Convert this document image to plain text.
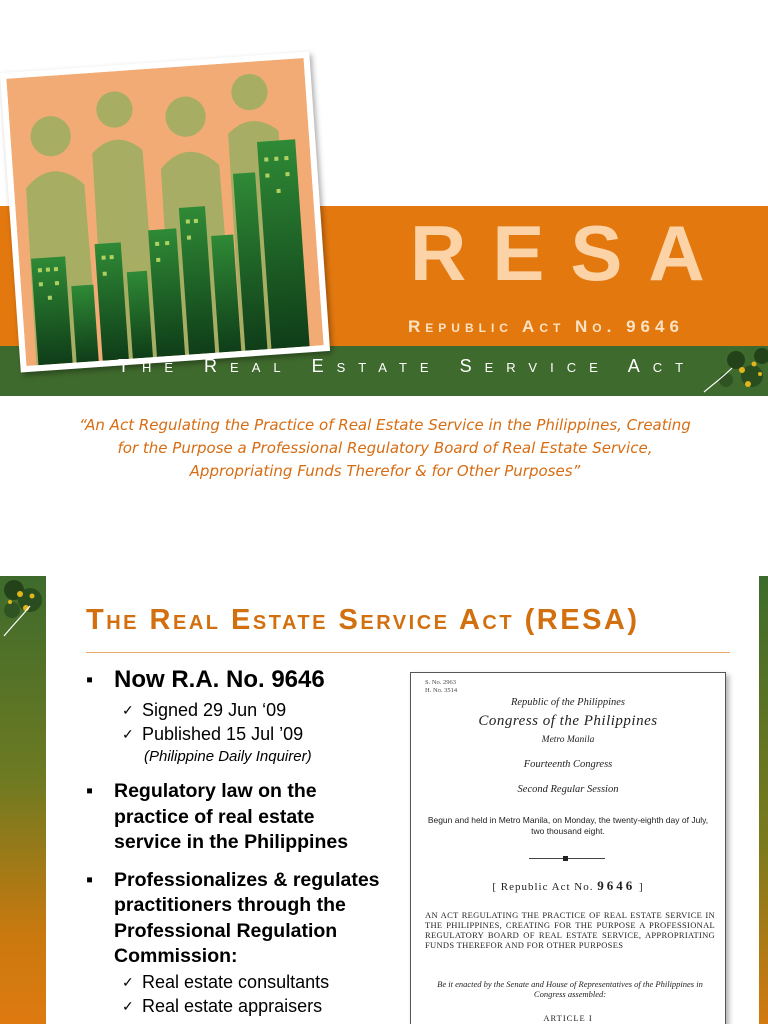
RESA
Republic Act No. 9646
The Real Estate Service Act
“An Act Regulating the Practice of Real Estate Service in the Philippines, Creating
for the Purpose a Professional Regulatory Board of Real Estate Service,
Appropriating Funds Therefor & for Other Purposes”
The Real Estate Service Act (RESA)
▪ Now R.A. No. 9646
✓ Signed 29 Jun ‘09
✓ Published 15 Jul ’09
(Philippine Daily Inquirer)
▪ Regulatory law on the practice of real estate service in the Philippines
▪ Professionalizes & regulates practitioners through the Professional Regulation Commission:
✓ Real estate consultants
✓ Real estate appraisers
S. No. 2963
H. No. 3514
Republic of the Philippines
Congress of the Philippines
Metro Manila
Fourteenth Congress
Second Regular Session
Begun and held in Metro Manila, on Monday, the twenty-eighth day of July, two thousand eight.
[ Republic Act No. 9646 ]
AN ACT REGULATING THE PRACTICE OF REAL ESTATE SERVICE IN THE PHILIPPINES, CREATING FOR THE PURPOSE A PROFESSIONAL REGULATORY BOARD OF REAL ESTATE SERVICE, APPROPRIATING FUNDS THEREFOR AND FOR OTHER PURPOSES
Be it enacted by the Senate and House of Representatives of the Philippines in Congress assembled:
ARTICLE I
